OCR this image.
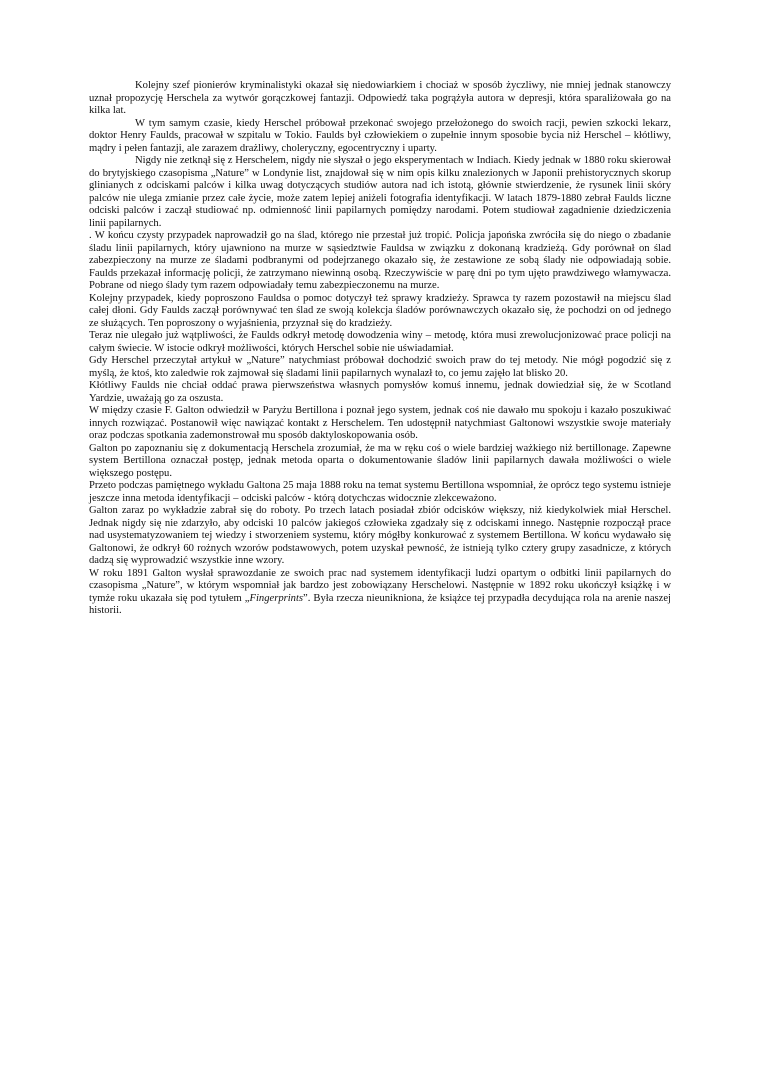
Kolejny szef pionierów kryminalistyki okazał się niedowiarkiem i chociaż w sposób życzliwy, nie mniej jednak stanowczy uznał propozycję Herschela za wytwór gorączkowej fantazji. Odpowiedź taka pogrążyła autora w depresji, która sparaliżowała go na kilka lat.

W tym samym czasie, kiedy Herschel próbował przekonać swojego przełożonego do swoich racji, pewien szkocki lekarz, doktor Henry Faulds, pracował w szpitalu w Tokio. Faulds był człowiekiem o zupełnie innym sposobie bycia niż Herschel – kłótliwy, mądry i pełen fantazji, ale zarazem drażliwy, choleryczny, egocentryczny i uparty.

Nigdy nie zetknął się z Herschelem, nigdy nie słyszał o jego eksperymentach w Indiach. Kiedy jednak w 1880 roku skierował do brytyjskiego czasopisma „Nature” w Londynie list, znajdował się w nim opis kilku znalezionych w Japonii prehistorycznych skorup glinianych z odciskami palców i kilka uwag dotyczących studiów autora nad ich istotą, głównie stwierdzenie, że rysunek linii skóry palców nie ulega zmianie przez całe życie, może zatem lepiej aniżeli fotografia identyfikacji. W latach 1879-1880 zebrał Faulds liczne odciski palców i zaczął studiować np. odmienność linii papilarnych pomiędzy narodami. Potem studiował zagadnienie dziedziczenia linii papilarnych.

. W końcu czysty przypadek naprowadził go na ślad, którego nie przestał już tropić. Policja japońska zwróciła się do niego o zbadanie śladu linii papilarnych, który ujawniono na murze w sąsiedztwie Fauldsa w związku z dokonaną kradzieżą. Gdy porównał on ślad zabezpieczony na murze ze śladami podbranymi od podejrzanego okazało się, że zestawione ze sobą ślady nie odpowiadają sobie. Faulds przekazał informację policji, że zatrzymano niewinną osobą. Rzeczywiście w parę dni po tym ujęto prawdziwego włamywacza. Pobrane od niego ślady tym razem odpowiadały temu zabezpieczonemu na murze.

Kolejny przypadek, kiedy poproszono Fauldsa o pomoc dotyczył też sprawy kradzieży. Sprawca ty razem pozostawił na miejscu ślad całej dłoni. Gdy Faulds zaczął porównywać ten ślad ze swoją kolekcja śladów porównawczych okazało się, że pochodzi on od jednego ze służących. Ten poproszony o wyjaśnienia, przyznał się do kradzieży.

Teraz nie ulegało już wątpliwości, że Faulds odkrył metodę dowodzenia winy – metodę, która musi zrewolucjonizować prace policji na całym świecie. W istocie odkrył możliwości, których Herschel sobie nie uświadamiał.

Gdy Herschel przeczytał artykuł w „Nature” natychmiast próbował dochodzić swoich praw do tej metody. Nie mógł pogodzić się z myślą, że ktoś, kto zaledwie rok zajmował się śladami linii papilarnych wynalazł to, co jemu zajęło lat blisko 20.

Kłótliwy Faulds nie chciał oddać prawa pierwszeństwa własnych pomysłów komuś innemu, jednak dowiedział się, że w Scotland Yardzie, uważają go za oszusta.

W między czasie F. Galton odwiedził w Paryżu Bertillona i poznał jego system, jednak coś nie dawało mu spokoju i kazało poszukiwać innych rozwiązać. Postanowił więc nawiązać kontakt z Herschelem. Ten udostępnił natychmiast Galtonowi wszystkie swoje materiały oraz podczas spotkania zademonstrował mu sposób daktyloskopowania osób.

Galton po zapoznaniu się z dokumentacją Herschela zrozumiał, że ma w ręku coś o wiele bardziej ważkiego niż bertillonage. Zapewne system Bertillona oznaczał postęp, jednak metoda oparta o dokumentowanie śladów linii papilarnych dawała możliwości o wiele większego postępu.

Przeto podczas pamiętnego wykładu Galtona 25 maja 1888 roku na temat systemu Bertillona wspomniał, że oprócz tego systemu istnieje jeszcze inna metoda identyfikacji – odciski palców - którą dotychczas widocznie zlekceważono.

Galton zaraz po wykładzie zabrał się do roboty. Po trzech latach posiadał zbiór odcisków większy, niż kiedykolwiek miał Herschel. Jednak nigdy się nie zdarzyło, aby odciski 10 palców jakiegoś człowieka zgadzały się z odciskami innego. Następnie rozpoczął prace nad usystematyzowaniem tej wiedzy i stworzeniem systemu, który mógłby konkurować z systemem Bertillona. W końcu wydawało się Galtonowi, że odkrył 60 rożnych wzorów podstawowych, potem uzyskał pewność, że istnieją tylko cztery grupy zasadnicze, z których dadzą się wyprowadzić wszystkie inne wzory.

W roku 1891 Galton wysłał sprawozdanie ze swoich prac nad systemem identyfikacji ludzi opartym o odbitki linii papilarnych do czasopisma „Nature”, w którym wspomniał jak bardzo jest zobowiązany Herschelowi. Następnie w 1892 roku ukończył książkę i w tymże roku ukazała się pod tytułem „Fingerprints”. Była rzecza nieunikniona, że książce tej przypadła decydująca rola na arenie naszej historii.
